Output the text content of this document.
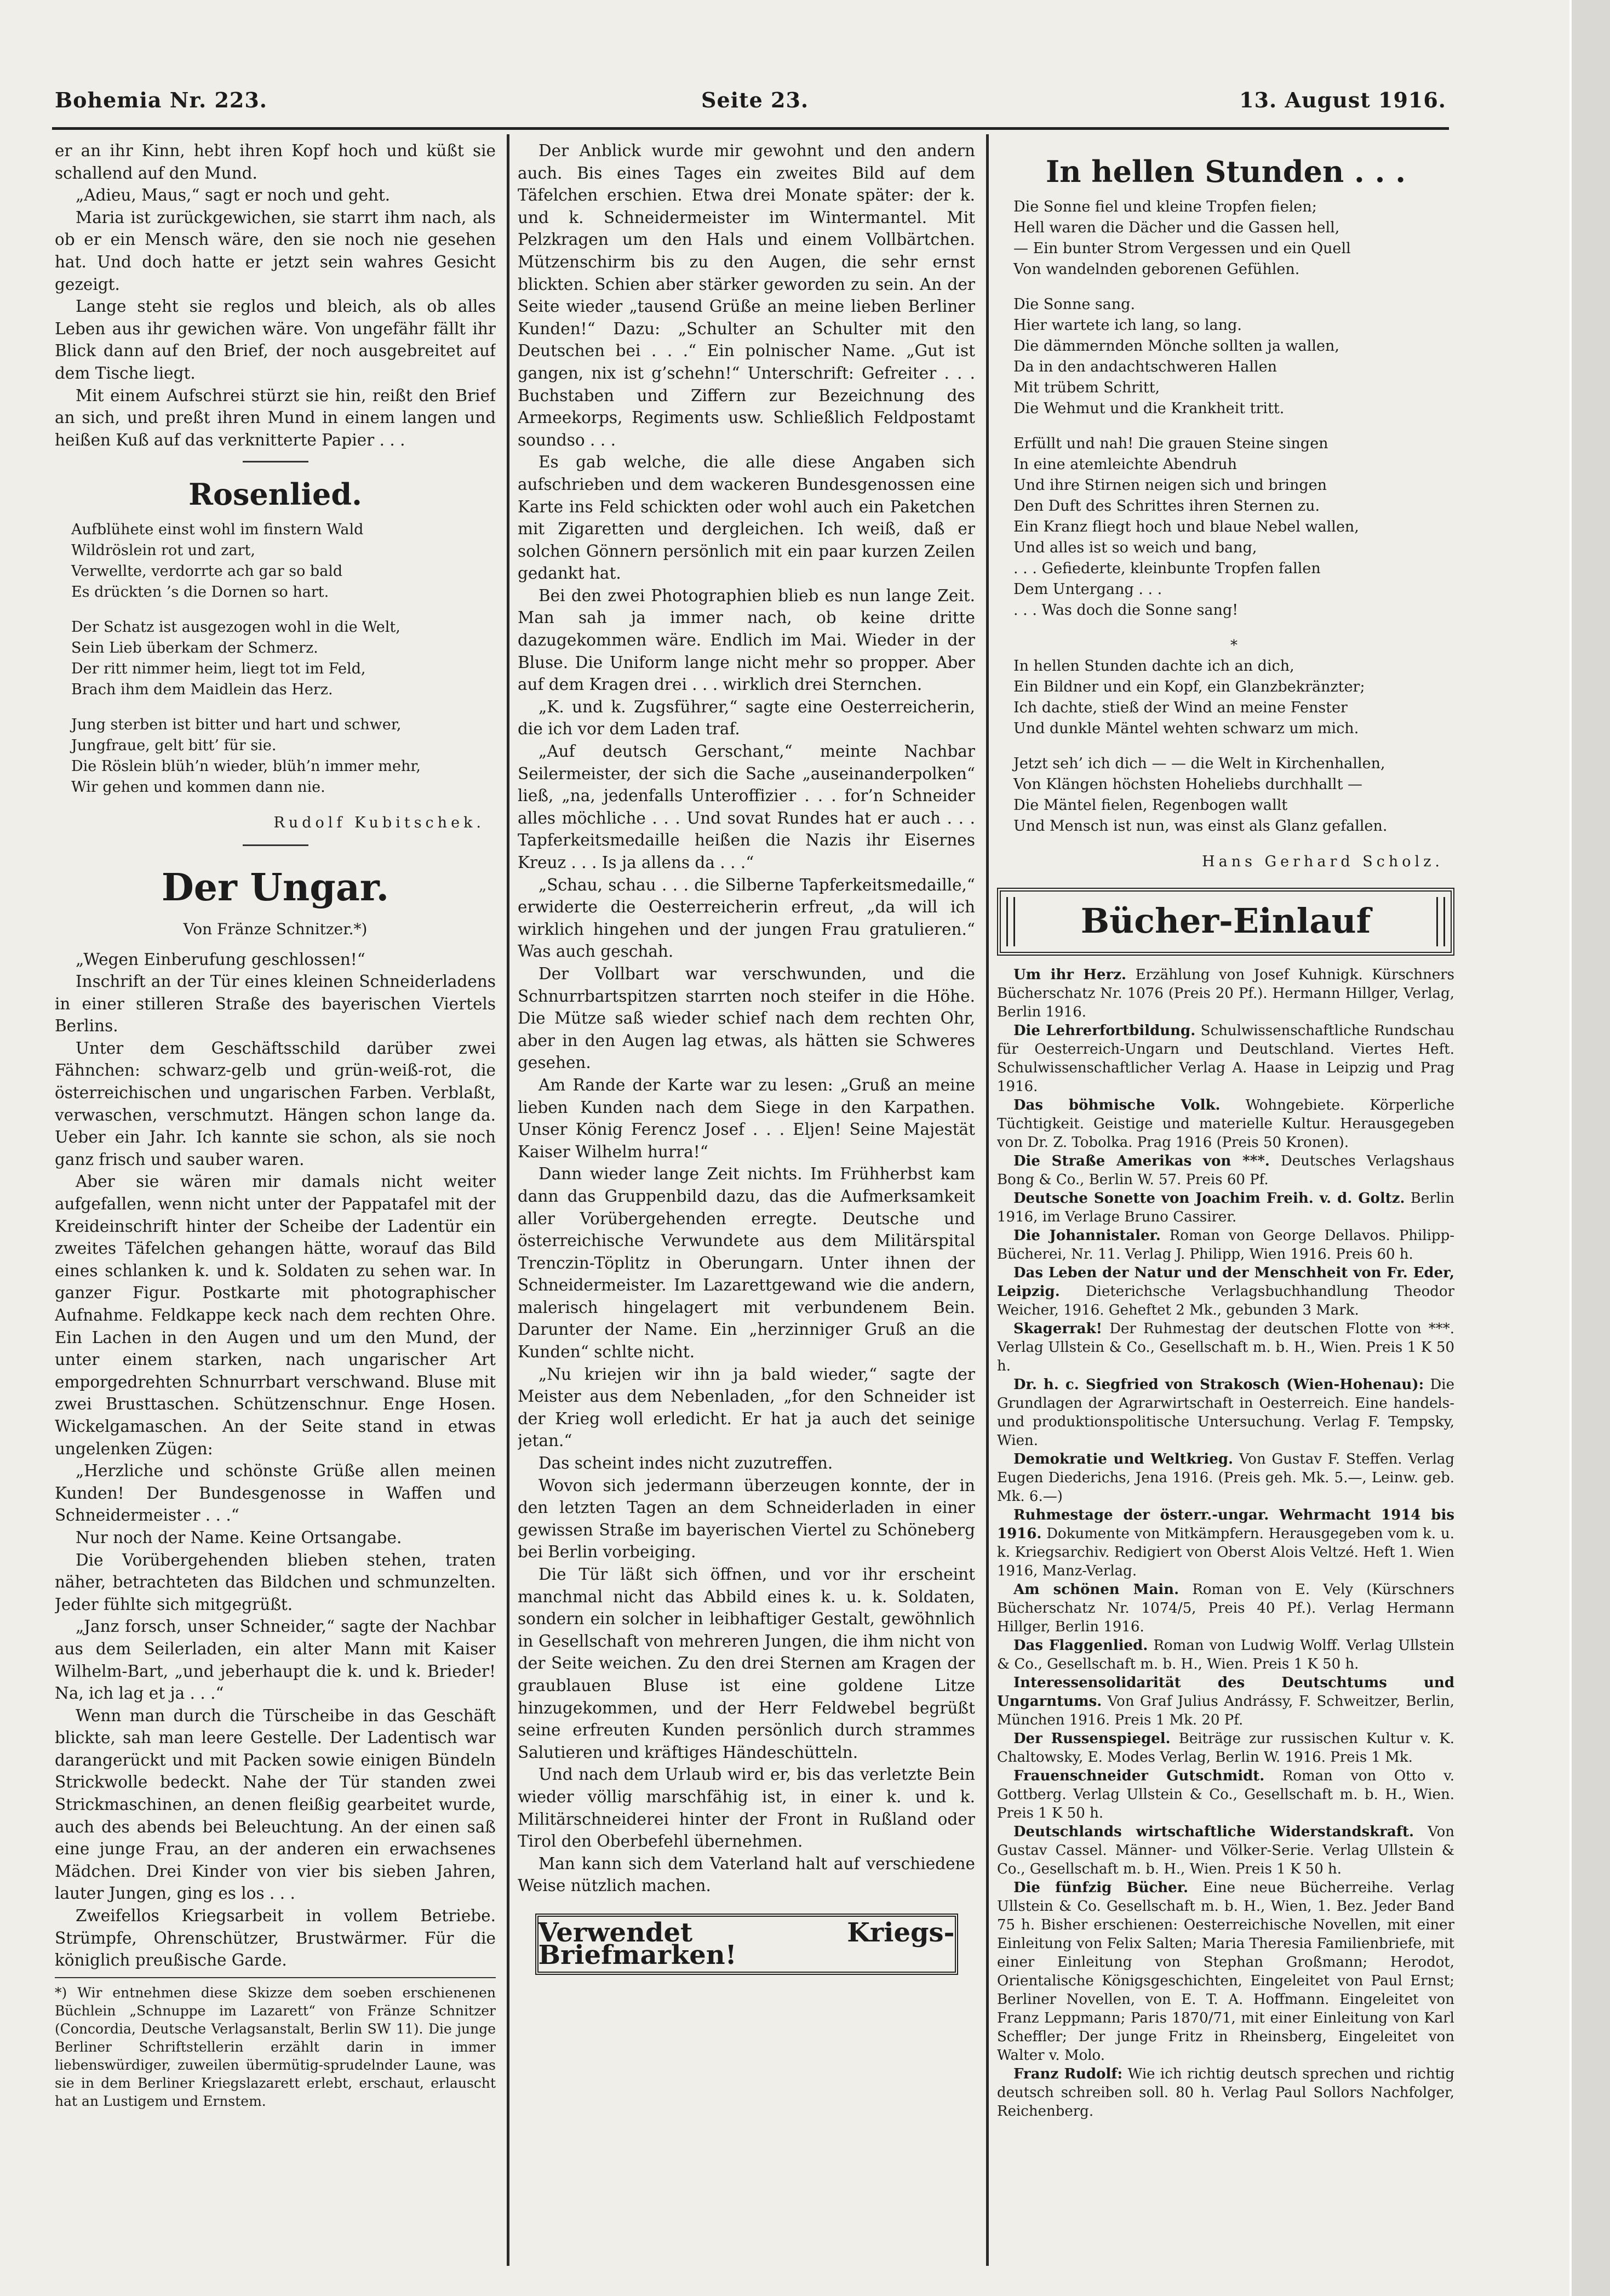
Bohemia Nr. 223.	Seite 23.	13. August 1916.

er an ihr Kinn, hebt ihren Kopf hoch und küßt sie schallend auf den Mund.

„Adieu, Maus,“ sagt er noch und geht.

Maria ist zurückgewichen, sie starrt ihm nach, als ob er ein Mensch wäre, den sie noch nie gesehen hat. Und doch hatte er jetzt sein wahres Gesicht gezeigt.

Lange steht sie reglos und bleich, als ob alles Leben aus ihr gewichen wäre. Von ungefähr fällt ihr Blick dann auf den Brief, der noch ausgebreitet auf dem Tische liegt.

Mit einem Aufschrei stürzt sie hin, reißt den Brief an sich, und preßt ihren Mund in einem langen und heißen Kuß auf das verknitterte Papier . . .

Rosenlied.
Aufblühete einst wohl im finstern Wald
Wildröslein rot und zart,
Verwellte, verdorrte ach gar so bald
Es drückten ’s die Dornen so hart.
Der Schatz ist ausgezogen wohl in die Welt,
Sein Lieb überkam der Schmerz.
Der ritt nimmer heim, liegt tot im Feld,
Brach ihm dem Maidlein das Herz.
Jung sterben ist bitter und hart und schwer,
Jungfraue, gelt bitt’ für sie.
Die Röslein blüh’n wieder, blüh’n immer mehr,
Wir gehen und kommen dann nie.
Rudolf Kubitschek.
Der Ungar.
Von Fränze Schnitzer.*)

„Wegen Einberufung geschlossen!“

Inschrift an der Tür eines kleinen Schneiderladens in einer stilleren Straße des bayerischen Viertels Berlins.

Unter dem Geschäftsschild darüber zwei Fähnchen: schwarz-gelb und grün-weiß-rot, die österreichischen und ungarischen Farben. Verblaßt, verwaschen, verschmutzt. Hängen schon lange da. Ueber ein Jahr. Ich kannte sie schon, als sie noch ganz frisch und sauber waren.

Aber sie wären mir damals nicht weiter aufgefallen, wenn nicht unter der Pappatafel mit der Kreideinschrift hinter der Scheibe der Ladentür ein zweites Täfelchen gehangen hätte, worauf das Bild eines schlanken k. und k. Soldaten zu sehen war. In ganzer Figur. Postkarte mit photographischer Aufnahme. Feldkappe keck nach dem rechten Ohre. Ein Lachen in den Augen und um den Mund, der unter einem starken, nach ungarischer Art emporgedrehten Schnurrbart verschwand. Bluse mit zwei Brusttaschen. Schützenschnur. Enge Hosen. Wickelgamaschen. An der Seite stand in etwas ungelenken Zügen:

„Herzliche und schönste Grüße allen meinen Kunden! Der Bundesgenosse in Waffen und Schneidermeister . . .“

Nur noch der Name. Keine Ortsangabe.

Die Vorübergehenden blieben stehen, traten näher, betrachteten das Bildchen und schmunzelten. Jeder fühlte sich mitgegrüßt.

„Janz forsch, unser Schneider,“ sagte der Nachbar aus dem Seilerladen, ein alter Mann mit Kaiser Wilhelm-Bart, „und jeberhaupt die k. und k. Brieder! Na, ich lag et ja . . .“

Wenn man durch die Türscheibe in das Geschäft blickte, sah man leere Gestelle. Der Ladentisch war darangerückt und mit Packen sowie einigen Bündeln Strickwolle bedeckt. Nahe der Tür standen zwei Strickmaschinen, an denen fleißig gearbeitet wurde, auch des abends bei Beleuchtung. An der einen saß eine junge Frau, an der anderen ein erwachsenes Mädchen. Drei Kinder von vier bis sieben Jahren, lauter Jungen, ging es los . . .

Zweifellos Kriegsarbeit in vollem Betriebe. Strümpfe, Ohrenschützer, Brustwärmer. Für die königlich preußische Garde.

*) Wir entnehmen diese Skizze dem soeben erschienenen Büchlein „Schnuppe im Lazarett“ von Fränze Schnitzer (Concordia, Deutsche Verlagsanstalt, Berlin SW 11). Die junge Berliner Schriftstellerin erzählt darin in immer liebenswürdiger, zuweilen übermütig-sprudelnder Laune, was sie in dem Berliner Kriegslazarett erlebt, erschaut, erlauscht hat an Lustigem und Ernstem.

Der Anblick wurde mir gewohnt und den andern auch. Bis eines Tages ein zweites Bild auf dem Täfelchen erschien. Etwa drei Monate später: der k. und k. Schneidermeister im Wintermantel. Mit Pelzkragen um den Hals und einem Vollbärtchen. Mützenschirm bis zu den Augen, die sehr ernst blickten. Schien aber stärker geworden zu sein. An der Seite wieder „tausend Grüße an meine lieben Berliner Kunden!“ Dazu: „Schulter an Schulter mit den Deutschen bei . . .“ Ein polnischer Name. „Gut ist gangen, nix ist g’schehn!“ Unterschrift: Gefreiter . . . Buchstaben und Ziffern zur Bezeichnung des Armeekorps, Regiments usw. Schließlich Feldpostamt soundso . . .

Es gab welche, die alle diese Angaben sich aufschrieben und dem wackeren Bundesgenossen eine Karte ins Feld schickten oder wohl auch ein Paketchen mit Zigaretten und dergleichen. Ich weiß, daß er solchen Gönnern persönlich mit ein paar kurzen Zeilen gedankt hat.

Bei den zwei Photographien blieb es nun lange Zeit. Man sah ja immer nach, ob keine dritte dazugekommen wäre. Endlich im Mai. Wieder in der Bluse. Die Uniform lange nicht mehr so propper. Aber auf dem Kragen drei . . . wirklich drei Sternchen.

„K. und k. Zugsführer,“ sagte eine Oesterreicherin, die ich vor dem Laden traf.

„Auf deutsch Gerschant,“ meinte Nachbar Seilermeister, der sich die Sache „auseinanderpolken“ ließ, „na, jedenfalls Unteroffizier . . . for’n Schneider alles möchliche . . . Und sovat Rundes hat er auch . . . Tapferkeitsmedaille heißen die Nazis ihr Eisernes Kreuz . . . Is ja allens da . . .“

„Schau, schau . . . die Silberne Tapferkeitsmedaille,“ erwiderte die Oesterreicherin erfreut, „da will ich wirklich hingehen und der jungen Frau gratulieren.“ Was auch geschah.

Der Vollbart war verschwunden, und die Schnurrbartspitzen starrten noch steifer in die Höhe. Die Mütze saß wieder schief nach dem rechten Ohr, aber in den Augen lag etwas, als hätten sie Schweres gesehen.

Am Rande der Karte war zu lesen: „Gruß an meine lieben Kunden nach dem Siege in den Karpathen. Unser König Ferencz Josef . . . Eljen! Seine Majestät Kaiser Wilhelm hurra!“

Dann wieder lange Zeit nichts. Im Frühherbst kam dann das Gruppenbild dazu, das die Aufmerksamkeit aller Vorübergehenden erregte. Deutsche und österreichische Verwundete aus dem Militärspital Trenczin-Töplitz in Oberungarn. Unter ihnen der Schneidermeister. Im Lazarettgewand wie die andern, malerisch hingelagert mit verbundenem Bein. Darunter der Name. Ein „herzinniger Gruß an die Kunden“ schlte nicht.

„Nu kriejen wir ihn ja bald wieder,“ sagte der Meister aus dem Nebenladen, „for den Schneider ist der Krieg woll erledicht. Er hat ja auch det seinige jetan.“

Das scheint indes nicht zuzutreffen.

Wovon sich jedermann überzeugen konnte, der in den letzten Tagen an dem Schneiderladen in einer gewissen Straße im bayerischen Viertel zu Schöneberg bei Berlin vorbeiging.

Die Tür läßt sich öffnen, und vor ihr erscheint manchmal nicht das Abbild eines k. u. k. Soldaten, sondern ein solcher in leibhaftiger Gestalt, gewöhnlich in Gesellschaft von mehreren Jungen, die ihm nicht von der Seite weichen. Zu den drei Sternen am Kragen der graublauen Bluse ist eine goldene Litze hinzugekommen, und der Herr Feldwebel begrüßt seine erfreuten Kunden persönlich durch strammes Salutieren und kräftiges Händeschütteln.

Und nach dem Urlaub wird er, bis das verletzte Bein wieder völlig marschfähig ist, in einer k. und k. Militärschneiderei hinter der Front in Rußland oder Tirol den Oberbefehl übernehmen.

Man kann sich dem Vaterland halt auf verschiedene Weise nützlich machen.

Verwendet Kriegs-Briefmarken!
In hellen Stunden . . .
Die Sonne fiel und kleine Tropfen fielen;
Hell waren die Dächer und die Gassen hell,
— Ein bunter Strom Vergessen und ein Quell
Von wandelnden geborenen Gefühlen.
Die Sonne sang.
Hier wartete ich lang, so lang.
Die dämmernden Mönche sollten ja wallen,
Da in den andachtschweren Hallen
Mit trübem Schritt,
Die Wehmut und die Krankheit tritt.
Erfüllt und nah! Die grauen Steine singen
In eine atemleichte Abendruh
Und ihre Stirnen neigen sich und bringen
Den Duft des Schrittes ihren Sternen zu.
Ein Kranz fliegt hoch und blaue Nebel wallen,
Und alles ist so weich und bang,
. . . Gefiederte, kleinbunte Tropfen fallen
Dem Untergang . . .
. . . Was doch die Sonne sang!
*
In hellen Stunden dachte ich an dich,
Ein Bildner und ein Kopf, ein Glanzbekränzter;
Ich dachte, stieß der Wind an meine Fenster
Und dunkle Mäntel wehten schwarz um mich.
Jetzt seh’ ich dich — — die Welt in Kirchenhallen,
Von Klängen höchsten Hoheliebs durchhallt —
Die Mäntel fielen, Regenbogen wallt
Und Mensch ist nun, was einst als Glanz gefallen.
Hans Gerhard Scholz.
Bücher-Einlauf

Um ihr Herz. Erzählung von Josef Kuhnigk. Kürschners Bücherschatz Nr. 1076 (Preis 20 Pf.). Hermann Hillger, Verlag, Berlin 1916.

Die Lehrerfortbildung. Schulwissenschaftliche Rundschau für Oesterreich-Ungarn und Deutschland. Viertes Heft. Schulwissenschaftlicher Verlag A. Haase in Leipzig und Prag 1916.

Das böhmische Volk. Wohngebiete. Körperliche Tüchtigkeit. Geistige und materielle Kultur. Herausgegeben von Dr. Z. Tobolka. Prag 1916 (Preis 50 Kronen).

Die Straße Amerikas von ***. Deutsches Verlagshaus Bong & Co., Berlin W. 57. Preis 60 Pf.

Deutsche Sonette von Joachim Freih. v. d. Goltz. Berlin 1916, im Verlage Bruno Cassirer.

Die Johannistaler. Roman von George Dellavos. Philipp-Bücherei, Nr. 11. Verlag J. Philipp, Wien 1916. Preis 60 h.

Das Leben der Natur und der Menschheit von Fr. Eder, Leipzig. Dieterichsche Verlagsbuchhandlung Theodor Weicher, 1916. Geheftet 2 Mk., gebunden 3 Mark.

Skagerrak! Der Ruhmestag der deutschen Flotte von ***. Verlag Ullstein & Co., Gesellschaft m. b. H., Wien. Preis 1 K 50 h.

Dr. h. c. Siegfried von Strakosch (Wien-Hohenau): Die Grundlagen der Agrarwirtschaft in Oesterreich. Eine handels- und produktionspolitische Untersuchung. Verlag F. Tempsky, Wien.

Demokratie und Weltkrieg. Von Gustav F. Steffen. Verlag Eugen Diederichs, Jena 1916. (Preis geh. Mk. 5.—, Leinw. geb. Mk. 6.—)

Ruhmestage der österr.-ungar. Wehrmacht 1914 bis 1916. Dokumente von Mitkämpfern. Herausgegeben vom k. u. k. Kriegsarchiv. Redigiert von Oberst Alois Veltzé. Heft 1. Wien 1916, Manz-Verlag.

Am schönen Main. Roman von E. Vely (Kürschners Bücherschatz Nr. 1074/5, Preis 40 Pf.). Verlag Hermann Hillger, Berlin 1916.

Das Flaggenlied. Roman von Ludwig Wolff. Verlag Ullstein & Co., Gesellschaft m. b. H., Wien. Preis 1 K 50 h.

Interessensolidarität des Deutschtums und Ungarntums. Von Graf Julius Andrássy, F. Schweitzer, Berlin, München 1916. Preis 1 Mk. 20 Pf.

Der Russenspiegel. Beiträge zur russischen Kultur v. K. Chaltowsky, E. Modes Verlag, Berlin W. 1916. Preis 1 Mk.

Frauenschneider Gutschmidt. Roman von Otto v. Gottberg. Verlag Ullstein & Co., Gesellschaft m. b. H., Wien. Preis 1 K 50 h.

Deutschlands wirtschaftliche Widerstandskraft. Von Gustav Cassel. Männer- und Völker-Serie. Verlag Ullstein & Co., Gesellschaft m. b. H., Wien. Preis 1 K 50 h.

Die fünfzig Bücher. Eine neue Bücherreihe. Verlag Ullstein & Co. Gesellschaft m. b. H., Wien, 1. Bez. Jeder Band 75 h. Bisher erschienen: Oesterreichische Novellen, mit einer Einleitung von Felix Salten; Maria Theresia Familienbriefe, mit einer Einleitung von Stephan Großmann; Herodot, Orientalische Königsgeschichten, Eingeleitet von Paul Ernst; Berliner Novellen, von E. T. A. Hoffmann. Eingeleitet von Franz Leppmann; Paris 1870/71, mit einer Einleitung von Karl Scheffler; Der junge Fritz in Rheinsberg, Eingeleitet von Walter v. Molo.

Franz Rudolf: Wie ich richtig deutsch sprechen und richtig deutsch schreiben soll. 80 h. Verlag Paul Sollors Nachfolger, Reichenberg.
